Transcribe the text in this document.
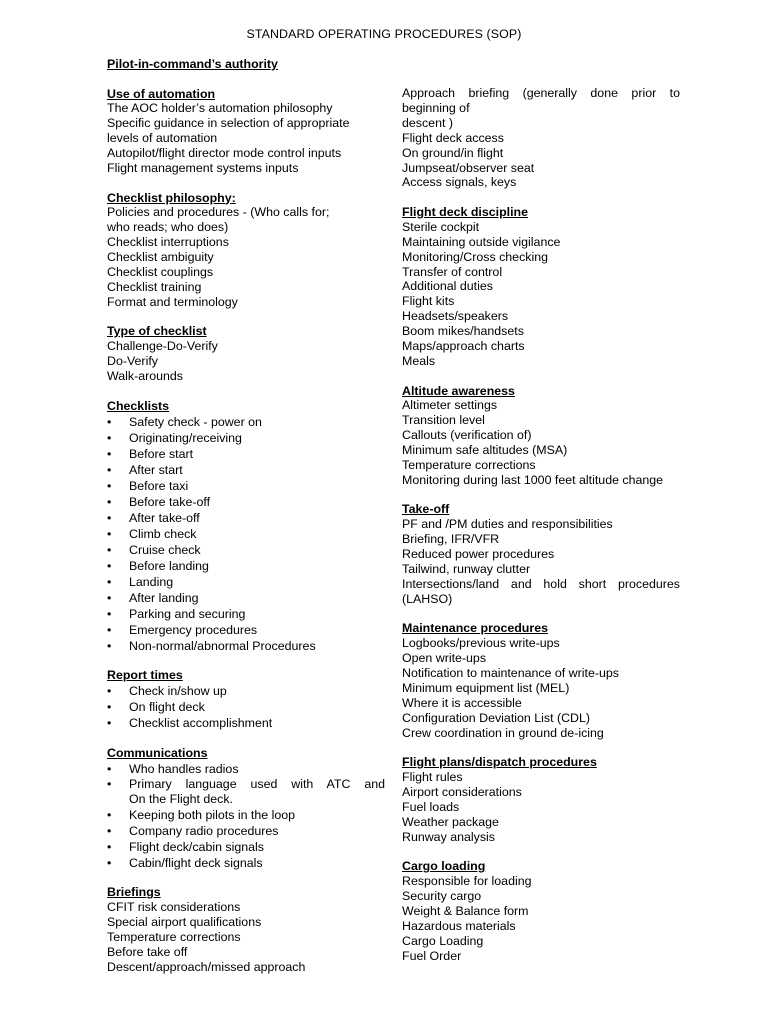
STANDARD OPERATING PROCEDURES (SOP)
Pilot-in-command’s authority
Use of automation
The AOC holder’s automation philosophy
Specific guidance in selection of appropriate
levels of automation
Autopilot/flight director mode control inputs
Flight management systems inputs
Checklist philosophy:
Policies and procedures - (Who calls for;
who reads; who does)
Checklist interruptions
Checklist ambiguity
Checklist couplings
Checklist training
Format and terminology
Type of checklist
Challenge-Do-Verify
Do-Verify
Walk-arounds
Checklists
• Safety check - power on
• Originating/receiving
• Before start
• After start
• Before taxi
• Before take-off
• After take-off
• Climb check
• Cruise check
• Before landing
• Landing
• After landing
• Parking and securing
• Emergency procedures
• Non-normal/abnormal Procedures
Report times
• Check in/show up
• On flight deck
• Checklist accomplishment
Communications
• Who handles radios
• Primary language used with ATC and
On the Flight deck.
• Keeping both pilots in the loop
• Company radio procedures
• Flight deck/cabin signals
• Cabin/flight deck signals
Briefings
CFIT risk considerations
Special airport qualifications
Temperature corrections
Before take off
Descent/approach/missed approach
Approach briefing (generally done prior to
beginning of
descent )
Flight deck access
On ground/in flight
Jumpseat/observer seat
Access signals, keys
Flight deck discipline
Sterile cockpit
Maintaining outside vigilance
Monitoring/Cross checking
Transfer of control
Additional duties
Flight kits
Headsets/speakers
Boom mikes/handsets
Maps/approach charts
Meals
Altitude awareness
Altimeter settings
Transition level
Callouts (verification of)
Minimum safe altitudes (MSA)
Temperature corrections
Monitoring during last 1000 feet altitude change
Take-off
PF and /PM duties and responsibilities
Briefing, IFR/VFR
Reduced power procedures
Tailwind, runway clutter
Intersections/land and hold short procedures
(LAHSO)
Maintenance procedures
Logbooks/previous write-ups
Open write-ups
Notification to maintenance of write-ups
Minimum equipment list (MEL)
Where it is accessible
Configuration Deviation List (CDL)
Crew coordination in ground de-icing
Flight plans/dispatch procedures
Flight rules
Airport considerations
Fuel loads
Weather package
Runway analysis
Cargo loading
Responsible for loading
Security cargo
Weight & Balance form
Hazardous materials
Cargo Loading
Fuel Order
